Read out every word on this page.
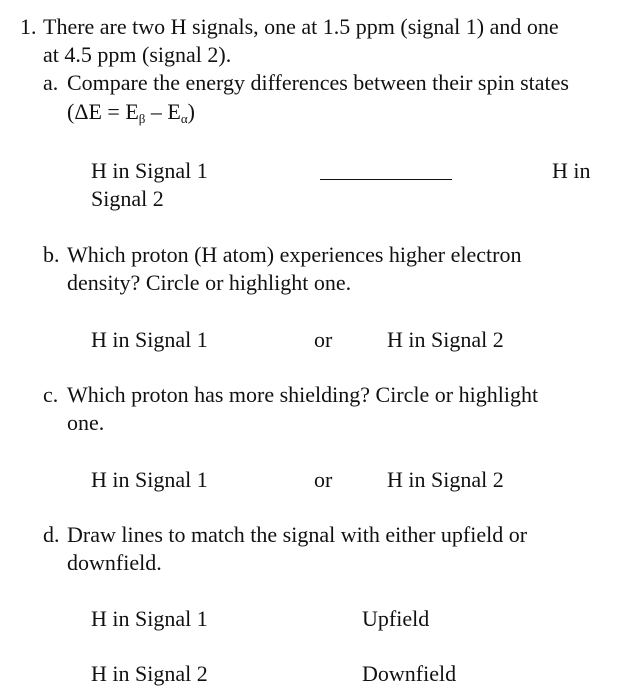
1. There are two H signals, one at 1.5 ppm (signal 1) and one
at 4.5 ppm (signal 2).
a. Compare the energy differences between their spin states
$(\Delta E = E_\beta - E_\alpha)$
H in Signal 1
Signal 2
H in
b. Which proton (H atom) experiences higher electron
density? Circle or highlight one.
H in Signal 1	or H in Signal 2
c. Which proton has more shielding? Circle or highlight
one.
H in Signal 1	or H in Signal 2
d. Draw lines to match the signal with either upfield or
downfield.
H in Signal 1	Upfield
H in Signal 2	Downfield
